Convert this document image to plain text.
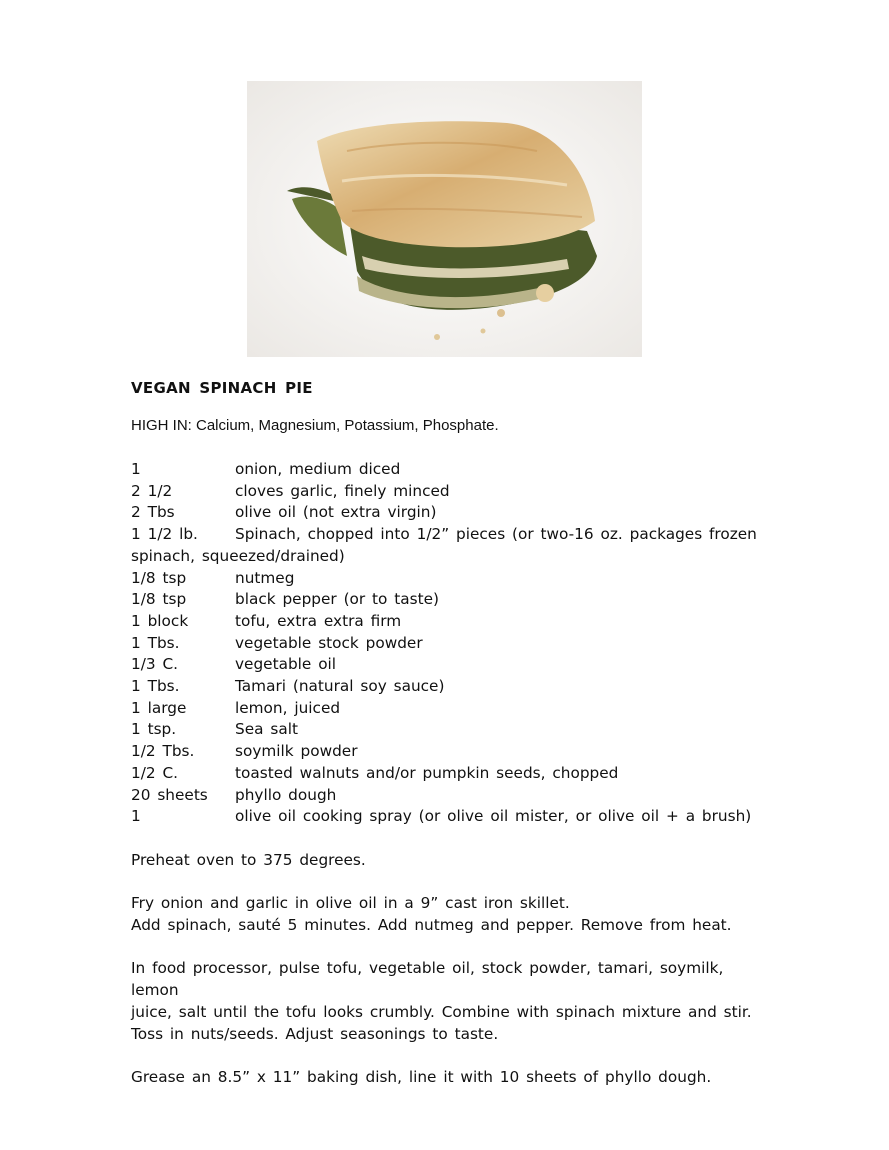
VEGAN SPINACH PIE
HIGH IN: Calcium, Magnesium, Potassium, Phosphate.
1	onion, medium diced
2 1/2	cloves garlic, finely minced
2 Tbs	olive oil (not extra virgin)
1 1/2 lb. Spinach, chopped into 1/2” pieces (or two-16 oz. packages frozen spinach, squeezed/drained)
1/8 tsp	nutmeg
1/8 tsp	black pepper (or to taste)
1 block	tofu, extra extra firm
1 Tbs.	vegetable stock powder
1/3 C.	vegetable oil
1 Tbs.	Tamari (natural soy sauce)
1 large	lemon, juiced
1 tsp.	Sea salt
1/2 Tbs.	soymilk powder
1/2 C.	toasted walnuts and/or pumpkin seeds, chopped
20 sheets phyllo dough
1	olive oil cooking spray (or olive oil mister, or olive oil + a brush)

Preheat oven to 375 degrees.

Fry onion and garlic in olive oil in a 9” cast iron skillet.
Add spinach, sauté 5 minutes. Add nutmeg and pepper. Remove from heat.

In food processor, pulse tofu, vegetable oil, stock powder, tamari, soymilk, lemon
juice, salt until the tofu looks crumbly. Combine with spinach mixture and stir.
Toss in nuts/seeds. Adjust seasonings to taste.

Grease an 8.5” x 11” baking dish, line it with 10 sheets of phyllo dough.
